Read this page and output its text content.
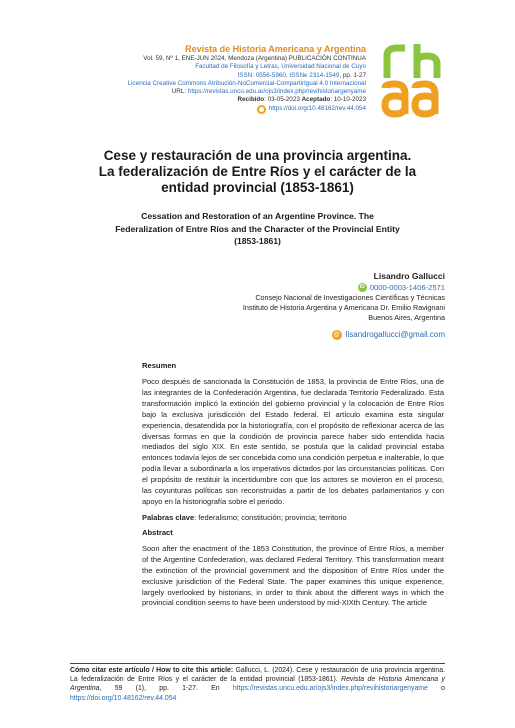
Revista de Historia Americana y Argentina
Vol. 59, Nº 1, ENE-JUN 2024, Mendoza (Argentina) PUBLICACIÓN CONTINUA
Facultad de Filosofía y Letras, Universidad Nacional de Cuyo
ISSN: 0556-5960, ISSNe 2314-1549, pp. 1-27
Licencia Creative Commons Atribución-NoComercial-CompartirIgual 4.0 Internacional
URL: https://revistas.uncu.edu.ar/ojs3/index.php/revihistoriargenyame
Recibido: 03-05-2023 Aceptado: 10-10-2023
https://doi.org/10.48162/rev.44.054
Cese y restauración de una provincia argentina.
La federalización de Entre Ríos y el carácter de la
entidad provincial (1853-1861)
Cessation and Restoration of an Argentine Province. The
Federalization of Entre Ríos and the Character of the Provincial Entity
(1853-1861)
Lisandro Gallucci
iD 0000-0003-1406-2571
Consejo Nacional de Investigaciones Científicas y Técnicas
Instituto de Historia Argentina y Americana Dr. Emilio Ravignani
Buenos Aires, Argentina
@ lisandrogallucci@gmail.com
Resumen

Poco después de sancionada la Constitución de 1853, la provincia de Entre Ríos, una de las integrantes de la Confederación Argentina, fue declarada Territorio Federalizado. Esta transformación implicó la extinción del gobierno provincial y la colocación de Entre Ríos bajo la exclusiva jurisdicción del Estado federal. El artículo examina esta singular experiencia, desatendida por la historiografía, con el propósito de reflexionar acerca de las diversas formas en que la condición de provincia parece haber sido entendida hacia mediados del siglo XIX. En este sentido, se postula que la calidad provincial estaba entonces todavía lejos de ser concebida como una condición perpetua e inalterable, lo que podía llevar a subordinarla a los imperativos dictados por las circunstancias políticas. Con el propósito de restituir la incertidumbre con que los actores se movieron en el proceso, las coyunturas políticas son reconstruidas a partir de los debates parlamentarios y con apoyo en la historiografía sobre el periodo.

Palabras clave: federalismo; constitución; provincia; territorio
Abstract

Soon after the enactment of the 1853 Constitution, the province of Entre Ríos, a member of the Argentine Confederation, was declared Federal Territory. This transformation meant the extinction of the provincial government and the disposition of Entre Ríos under the exclusive jurisdiction of the Federal State. The paper examines this unique experience, largely overlooked by historians, in order to think about the different ways in which the provincial condition seems to have been understood by mid-XIXth Century. The article

Cómo citar este artículo / How to cite this article: Gallucci, L. (2024). Cese y restauración de una provincia argentina. La federalización de Entre Ríos y el carácter de la entidad provincial (1853-1861). Revista de Historia Americana y Argentina, 59 (1), pp. 1-27. En https://revistas.uncu.edu.ar/ojs3/index.php/revihistoriargenyame o https://doi.org/10.48162/rev.44.054
